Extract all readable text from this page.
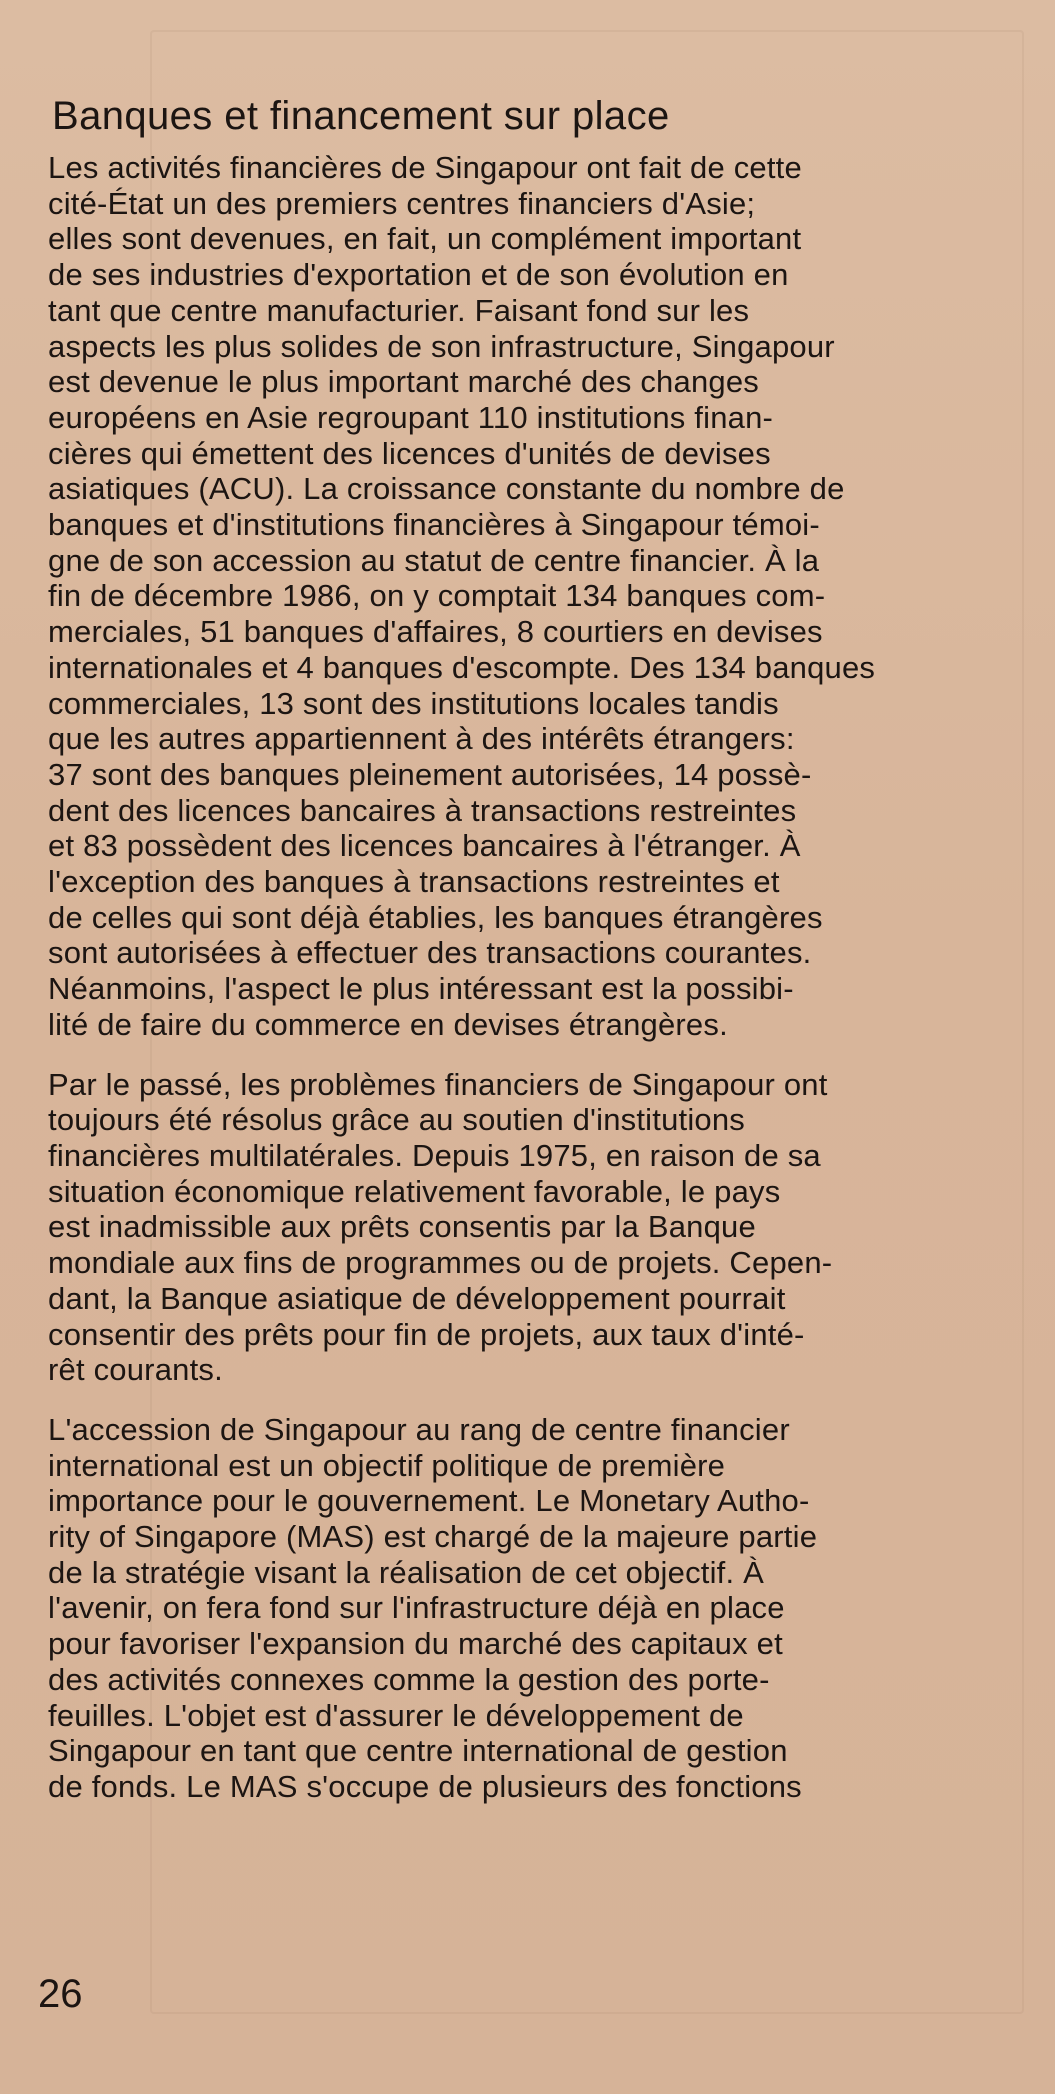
Banques et financement sur place
Les activités financières de Singapour ont fait de cette
cité-État un des premiers centres financiers d'Asie;
elles sont devenues, en fait, un complément important
de ses industries d'exportation et de son évolution en
tant que centre manufacturier. Faisant fond sur les
aspects les plus solides de son infrastructure, Singapour
est devenue le plus important marché des changes
européens en Asie regroupant 110 institutions finan-
cières qui émettent des licences d'unités de devises
asiatiques (ACU). La croissance constante du nombre de
banques et d'institutions financières à Singapour témoi-
gne de son accession au statut de centre financier. À la
fin de décembre 1986, on y comptait 134 banques com-
merciales, 51 banques d'affaires, 8 courtiers en devises
internationales et 4 banques d'escompte. Des 134 banques
commerciales, 13 sont des institutions locales tandis
que les autres appartiennent à des intérêts étrangers:
37 sont des banques pleinement autorisées, 14 possè-
dent des licences bancaires à transactions restreintes
et 83 possèdent des licences bancaires à l'étranger. À
l'exception des banques à transactions restreintes et
de celles qui sont déjà établies, les banques étrangères
sont autorisées à effectuer des transactions courantes.
Néanmoins, l'aspect le plus intéressant est la possibi-
lité de faire du commerce en devises étrangères.
Par le passé, les problèmes financiers de Singapour ont
toujours été résolus grâce au soutien d'institutions
financières multilatérales. Depuis 1975, en raison de sa
situation économique relativement favorable, le pays
est inadmissible aux prêts consentis par la Banque
mondiale aux fins de programmes ou de projets. Cepen-
dant, la Banque asiatique de développement pourrait
consentir des prêts pour fin de projets, aux taux d'inté-
rêt courants.
L'accession de Singapour au rang de centre financier
international est un objectif politique de première
importance pour le gouvernement. Le Monetary Autho-
rity of Singapore (MAS) est chargé de la majeure partie
de la stratégie visant la réalisation de cet objectif. À
l'avenir, on fera fond sur l'infrastructure déjà en place
pour favoriser l'expansion du marché des capitaux et
des activités connexes comme la gestion des porte-
feuilles. L'objet est d'assurer le développement de
Singapour en tant que centre international de gestion
de fonds. Le MAS s'occupe de plusieurs des fonctions
26
